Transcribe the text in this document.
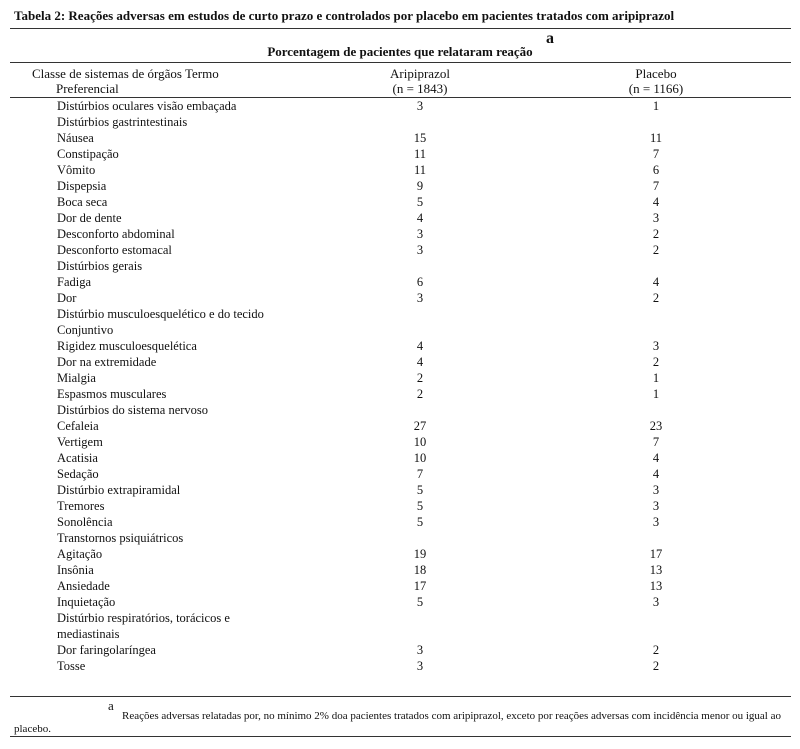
Tabela 2: Reações adversas em estudos de curto prazo e controlados por placebo em pacientes tratados com aripiprazol
a
Porcentagem de pacientes que relataram reação
Classe de sistemas de órgãos Termo
Preferencial
Aripiprazol
(n = 1843)
Placebo
(n = 1166)
Distúrbios oculares visão embaçada	3	1
Distúrbios gastrintestinais
Náusea	15	11
Constipação	11	7
Vômito	11	6
Dispepsia	9	7
Boca seca	5	4
Dor de dente	4	3
Desconforto abdominal	3	2
Desconforto estomacal	3	2
Distúrbios gerais
Fadiga	6	4
Dor	3	2
Distúrbio musculoesquelético e do tecido
Conjuntivo
Rigidez musculoesquelética	4	3
Dor na extremidade	4	2
Mialgia	2	1
Espasmos musculares	2	1
Distúrbios do sistema nervoso
Cefaleia	27	23
Vertigem	10	7
Acatisia	10	4
Sedação	7	4
Distúrbio extrapiramidal	5	3
Tremores	5	3
Sonolência	5	3
Transtornos psiquiátricos
Agitação	19	17
Insônia	18	13
Ansiedade	17	13
Inquietação	5	3
Distúrbio respiratórios, torácicos e
mediastinais
Dor faringolaríngea	3	2
Tosse	3	2
a
Reações adversas relatadas por, no mínimo 2% doa pacientes tratados com aripiprazol, exceto por reações adversas com incidência menor ou igual ao placebo.
